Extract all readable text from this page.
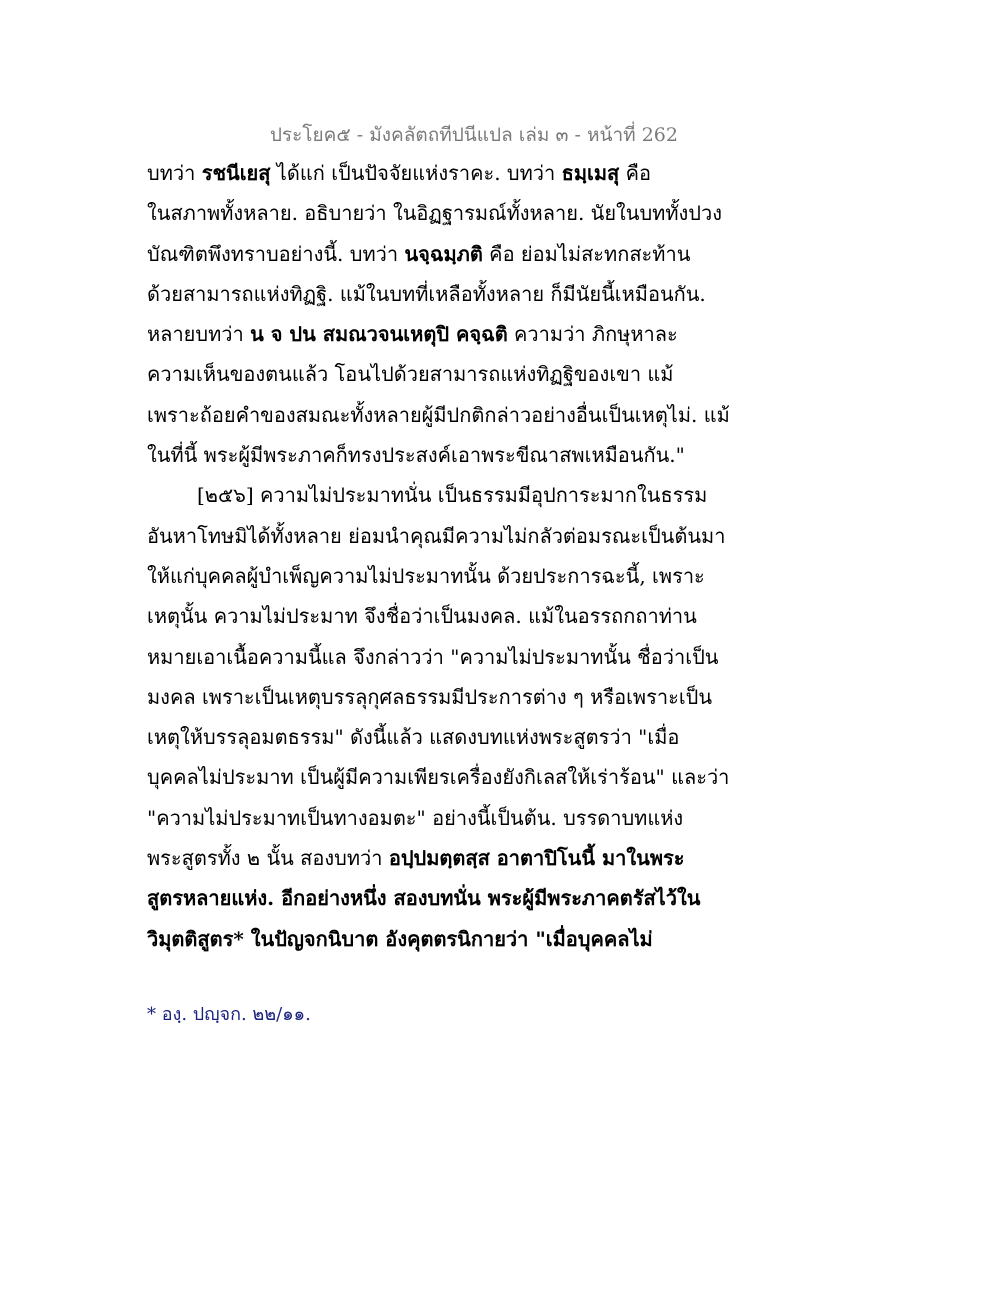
ประโยค๕ - มังคลัตถทีปนีแปล เล่ม ๓ - หน้าที่ 262
บทว่า รชนีเยสุ ได้แก่ เป็นปัจจัยแห่งราคะ. บทว่า ธมฺเมสุ คือ
ในสภาพทั้งหลาย. อธิบายว่า ในอิฏฐารมณ์ทั้งหลาย. นัยในบททั้งปวง
บัณฑิตพึงทราบอย่างนี้. บทว่า นจฺฉมฺภติ คือ ย่อมไม่สะทกสะท้าน
ด้วยสามารถแห่งทิฏฐิ. แม้ในบทที่เหลือทั้งหลาย ก็มีนัยนี้เหมือนกัน.
หลายบทว่า น จ ปน สมณวจนเหตุปิ คจฺฉติ ความว่า ภิกษุหาละ
ความเห็นของตนแล้ว โอนไปด้วยสามารถแห่งทิฏฐิของเขา แม้
เพราะถ้อยคำของสมณะทั้งหลายผู้มีปกติกล่าวอย่างอื่นเป็นเหตุไม่. แม้
ในที่นี้ พระผู้มีพระภาคก็ทรงประสงค์เอาพระขีณาสพเหมือนกัน."
[๒๕๖] ความไม่ประมาทนั่น เป็นธรรมมีอุปการะมากในธรรม
อันหาโทษมิได้ทั้งหลาย ย่อมนำคุณมีความไม่กลัวต่อมรณะเป็นต้นมา
ให้แก่บุคคลผู้บำเพ็ญความไม่ประมาทนั้น ด้วยประการฉะนี้, เพราะ
เหตุนั้น ความไม่ประมาท จึงชื่อว่าเป็นมงคล. แม้ในอรรถกถาท่าน
หมายเอาเนื้อความนี้แล จึงกล่าวว่า "ความไม่ประมาทนั้น ชื่อว่าเป็น
มงคล เพราะเป็นเหตุบรรลุกุศลธรรมมีประการต่าง ๆ หรือเพราะเป็น
เหตุให้บรรลุอมตธรรม" ดังนี้แล้ว แสดงบทแห่งพระสูตรว่า "เมื่อ
บุคคลไม่ประมาท เป็นผู้มีความเพียรเครื่องยังกิเลสให้เร่าร้อน" และว่า
"ความไม่ประมาทเป็นทางอมตะ" อย่างนี้เป็นต้น. บรรดาบทแห่ง
พระสูตรทั้ง ๒ นั้น สองบทว่า อปฺปมตฺตสฺส อาตาปิโนนี้ มาในพระ
สูตรหลายแห่ง. อีกอย่างหนึ่ง สองบทนั่น พระผู้มีพระภาคตรัสไว้ใน
วิมุตติสูตร* ในปัญจกนิบาต อังคุตตรนิกายว่า "เมื่อบุคคลไม่
* องฺ. ปญฺจก. ๒๒/๑๑.
